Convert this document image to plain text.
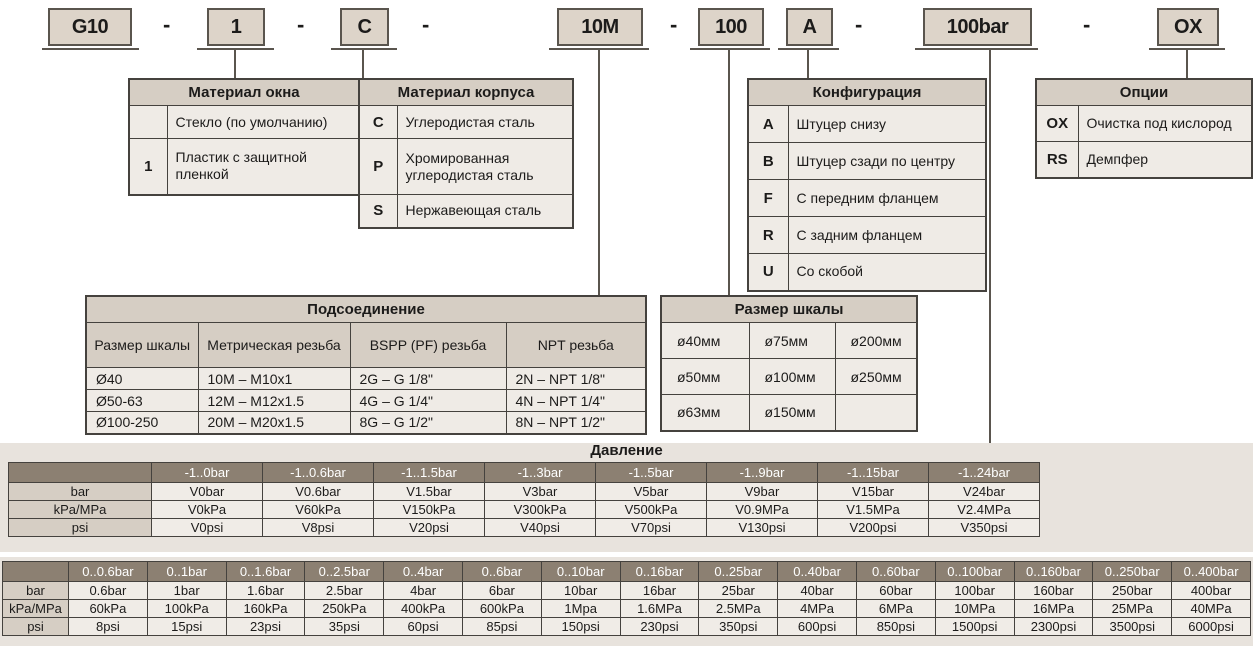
G10	-	1	-	C	-	10M	-	100	A	-	100bar	-	OX
Материал окна	
	Стекло (по умолчанию)
1	Пластик с защитной пленкой
Материал корпуса	
C	Углеродистая сталь
P	Хромированная углеродистая сталь
S	Нержавеющая сталь
Конфигурация	
A	Штуцер снизу
B	Штуцер сзади по центру
F	С передним фланцем
R	С задним фланцем
U	Со скобой
Опции	
OX	Очистка под кислород
RS	Демпфер
Подсоединение			
Размер шкалы	Метрическая резьба	BSPP (PF) резьба	NPT резьба
Ø40	10M – M10x1	2G – G 1/8"	2N – NPT 1/8"
Ø50-63	12M – M12x1.5	4G – G 1/4"	4N – NPT 1/4"
Ø100-250	20M – M20x1.5	8G – G 1/2"	8N – NPT 1/2"
Размер шкалы		
ø40мм	ø75мм	ø200мм
ø50мм	ø100мм	ø250мм
ø63мм	ø150мм	
Давление
	-1..0bar	-1..0.6bar	-1..1.5bar	-1..3bar	-1..5bar	-1..9bar	-1..15bar	-1..24bar
bar	V0bar	V0.6bar	V1.5bar	V3bar	V5bar	V9bar	V15bar	V24bar
kPa/MPa	V0kPa	V60kPa	V150kPa	V300kPa	V500kPa	V0.9MPa	V1.5MPa	V2.4MPa
psi	V0psi	V8psi	V20psi	V40psi	V70psi	V130psi	V200psi	V350psi
	0..0.6bar	0..1bar	0..1.6bar	0..2.5bar	0..4bar	0..6bar	0..10bar	0..16bar	0..25bar	0..40bar	0..60bar	0..100bar	0..160bar	0..250bar	0..400bar
bar	0.6bar	1bar	1.6bar	2.5bar	4bar	6bar	10bar	16bar	25bar	40bar	60bar	100bar	160bar	250bar	400bar
kPa/MPa	60kPa	100kPa	160kPa	250kPa	400kPa	600kPa	1Mpa	1.6MPa	2.5MPa	4MPa	6MPa	10MPa	16MPa	25MPa	40MPa
psi	8psi	15psi	23psi	35psi	60psi	85psi	150psi	230psi	350psi	600psi	850psi	1500psi	2300psi	3500psi	6000psi
